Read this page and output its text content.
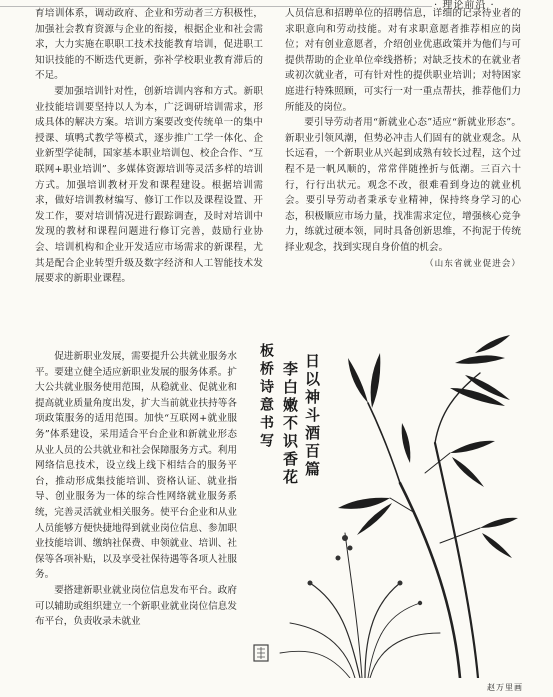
· 理论前沿 ·

育培训体系，调动政府、企业和劳动者三方积极性，加强社会教育资源与企业的衔接，根据企业和社会需求，大力实施在职职工技术技能教育培训，促进职工知识技能的不断迭代更新，弥补学校职业教育滞后的不足。

要加强培训针对性，创新培训内容和方式。新职业技能培训要坚持以人为本，广泛调研培训需求，形成具体的解决方案。培训方案要改变传统单一的集中授课、填鸭式教学等模式，逐步推广工学一体化、企业新型学徒制，国家基本职业培训包、校企合作、“互联网+职业培训”、多媒体资源培训等灵活多样的培训方式。加强培训教材开发和课程建设。根据培训需求，做好培训教材编写、修订工作以及课程设置、开发工作，要对培训情况进行跟踪调查，及时对培训中发现的教材和课程问题进行修订完善，鼓励行业协会、培训机构和企业开发适应市场需求的新课程，尤其是配合企业转型升级及数字经济和人工智能技术发展要求的新职业课程。

促进新职业发展，需要提升公共就业服务水平。要建立健全适应新职业发展的服务体系。扩大公共就业服务使用范围，从稳就业、促就业和提高就业质量角度出发，扩大当前就业扶持等各项政策服务的适用范围。加快“互联网+就业服务”体系建设，采用适合平台企业和新就业形态从业人员的公共就业和社会保障服务方式。利用网络信息技术，设立线上线下相结合的服务平台，推动形成集技能培训、资格认证、就业指导、创业服务为一体的综合性网络就业服务系统，完善灵活就业相关服务。使平台企业和从业人员能够方便快捷地得到就业岗位信息、参加职业技能培训、缴纳社保费、申领就业、培训、社保等各项补贴，以及享受社保待遇等各项人社服务。

要搭建新职业就业岗位信息发布平台。政府可以辅助或组织建立一个新职业就业岗位信息发布平台，负责收录未就业

人员信息和招聘单位的招聘信息，详细的记录待业者的求职意向和劳动技能。对有求职意愿者推荐相应的岗位；对有创业意愿者，介绍创业优惠政策并为他们与可提供帮助的企业单位牵线搭桥；对缺乏技术的在就业者或初次就业者，可有针对性的提供职业培训；对特困家庭进行特殊照顾，可实行一对一重点帮扶，推荐他们力所能及的岗位。

要引导劳动者用“新就业心态”适应“新就业形态”。新职业引领风潮，但势必冲击人们固有的就业观念。从长远看，一个新职业从兴起到成熟有较长过程，这个过程不是一帆风顺的，常常伴随挫折与低潮。三百六十行，行行出状元。观念不改，很难看到身边的就业机会。要引导劳动者秉承专业精神，保持终身学习的心态，积极顺应市场力量，找准需求定位，增强核心竞争力，练就过硬本领，同时具备创新思维，不拘泥于传统择业观念，找到实现自身价值的机会。

（山东省就业促进会）

日以神斗酒百篇
李白嫩不识香花
板桥诗意书写
赵万里画
